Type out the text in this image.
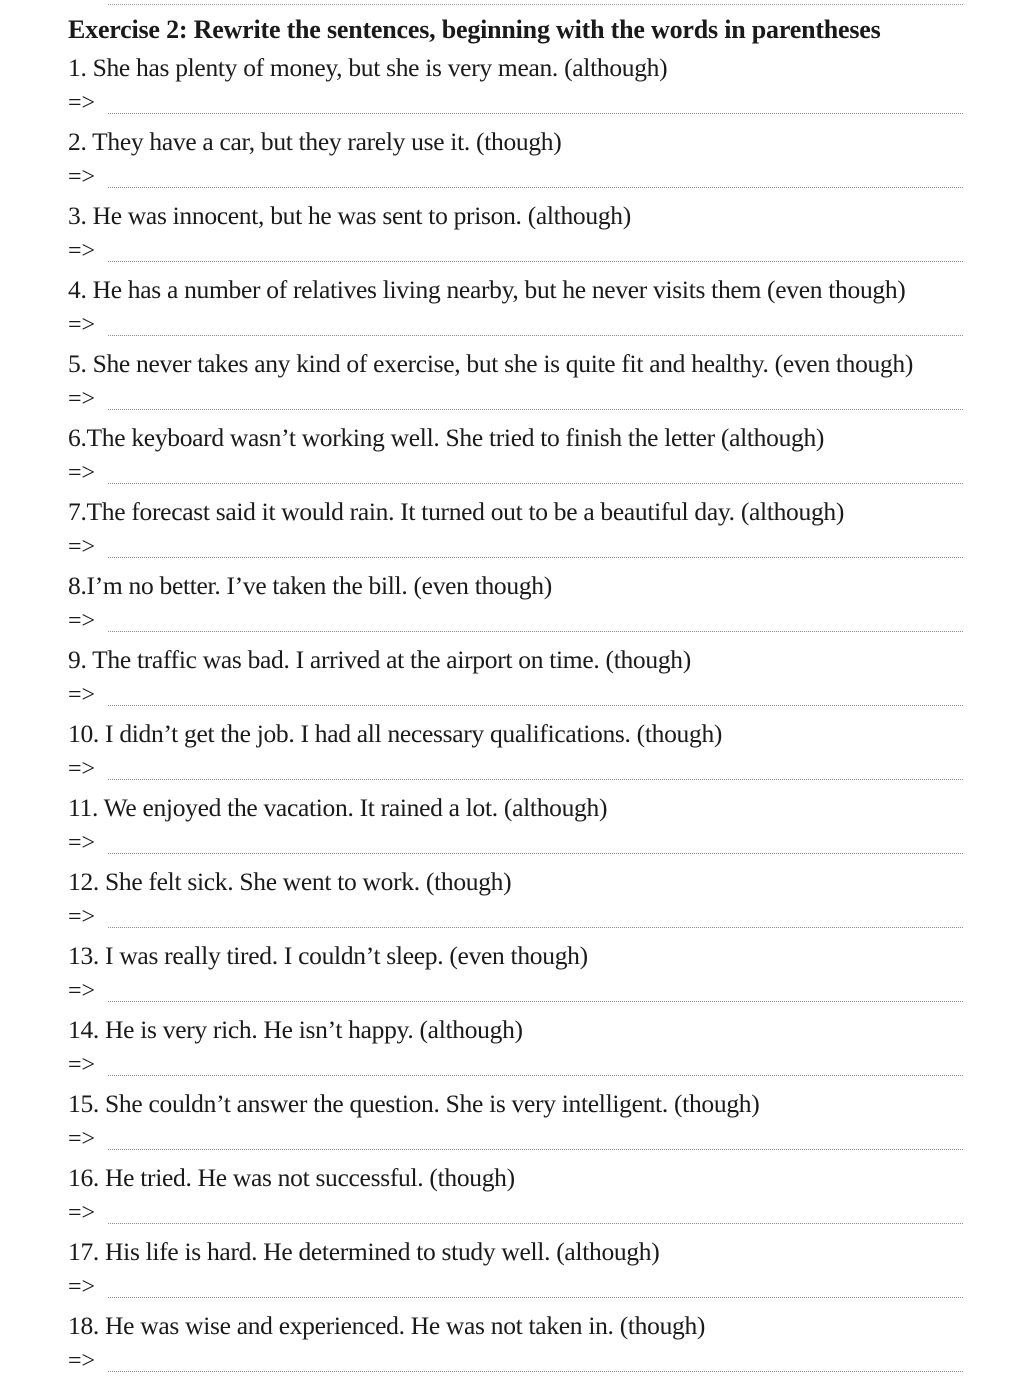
Exercise 2: Rewrite the sentences, beginning with the words in parentheses
1. She has plenty of money, but she is very mean. (although)
=>
2. They have a car, but they rarely use it. (though)
=>
3. He was innocent, but he was sent to prison. (although)
=>
4. He has a number of relatives living nearby, but he never visits them (even though)
=>
5. She never takes any kind of exercise, but she is quite fit and healthy. (even though)
=>
6.The keyboard wasn’t working well. She tried to finish the letter (although)
=>
7.The forecast said it would rain. It turned out to be a beautiful day. (although)
=>
8.I’m no better. I’ve taken the bill. (even though)
=>
9. The traffic was bad. I arrived at the airport on time. (though)
=>
10. I didn’t get the job. I had all necessary qualifications. (though)
=>
11. We enjoyed the vacation. It rained a lot. (although)
=>
12. She felt sick. She went to work. (though)
=>
13. I was really tired. I couldn’t sleep. (even though)
=>
14. He is very rich. He isn’t happy. (although)
=>
15. She couldn’t answer the question. She is very intelligent. (though)
=>
16. He tried. He was not successful. (though)
=>
17. His life is hard. He determined to study well. (although)
=>
18. He was wise and experienced. He was not taken in. (though)
=>
